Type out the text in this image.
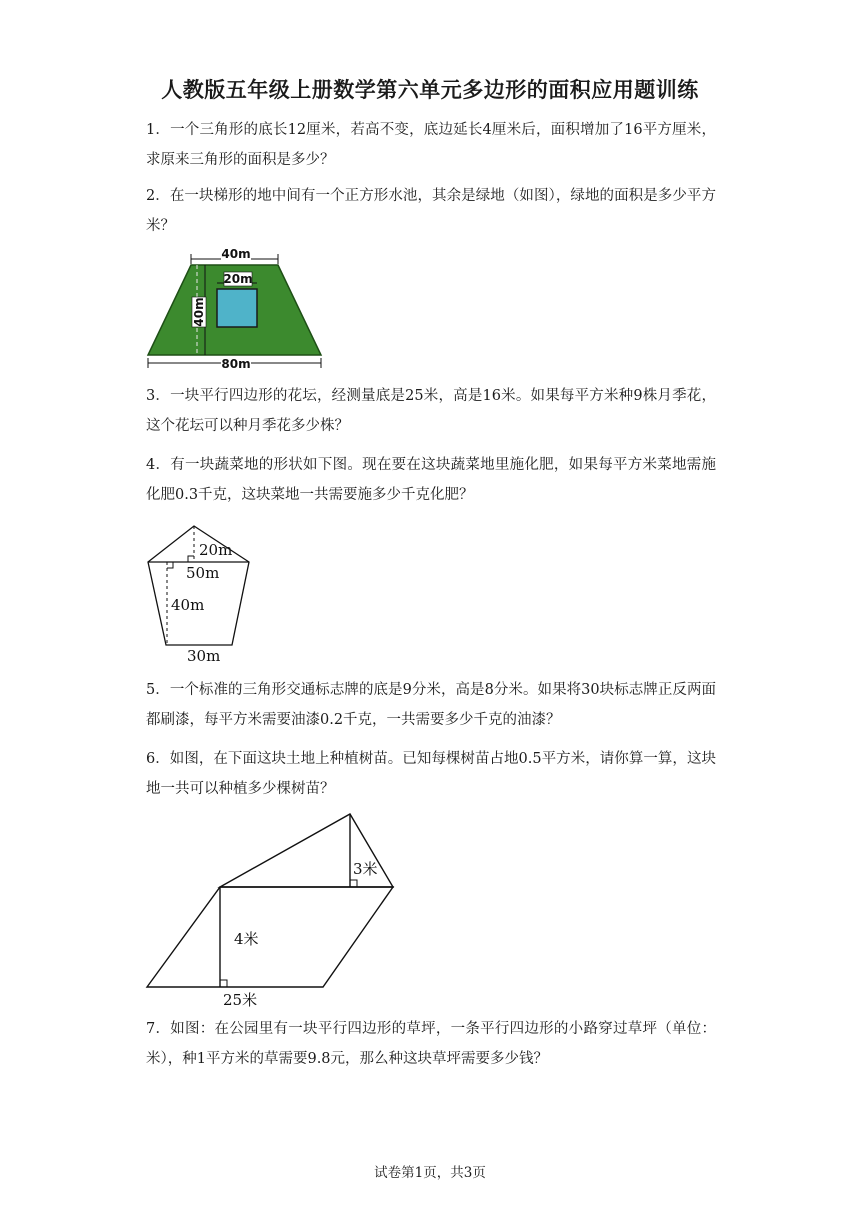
人教版五年级上册数学第六单元多边形的面积应用题训练
1．一个三角形的底长12厘米，若高不变，底边延长4厘米后，面积增加了16平方厘米，求原来三角形的面积是多少？
2．在一块梯形的地中间有一个正方形水池，其余是绿地（如图），绿地的面积是多少平方米？
40m
20m
40m
80m
3．一块平行四边形的花坛，经测量底是25米，高是16米。如果每平方米种9株月季花，这个花坛可以种月季花多少株？
4．有一块蔬菜地的形状如下图。现在要在这块蔬菜地里施化肥，如果每平方米菜地需施化肥0.3千克，这块菜地一共需要施多少千克化肥？
20m
50m
40m
30m
5．一个标准的三角形交通标志牌的底是9分米，高是8分米。如果将30块标志牌正反两面都刷漆，每平方米需要油漆0.2千克，一共需要多少千克的油漆？
6．如图，在下面这块土地上种植树苗。已知每棵树苗占地0.5平方米，请你算一算，这块地一共可以种植多少棵树苗？
3米
4米
25米
7．如图：在公园里有一块平行四边形的草坪，一条平行四边形的小路穿过草坪（单位：米），种1平方米的草需要9.8元，那么种这块草坪需要多少钱？
试卷第1页，共3页
